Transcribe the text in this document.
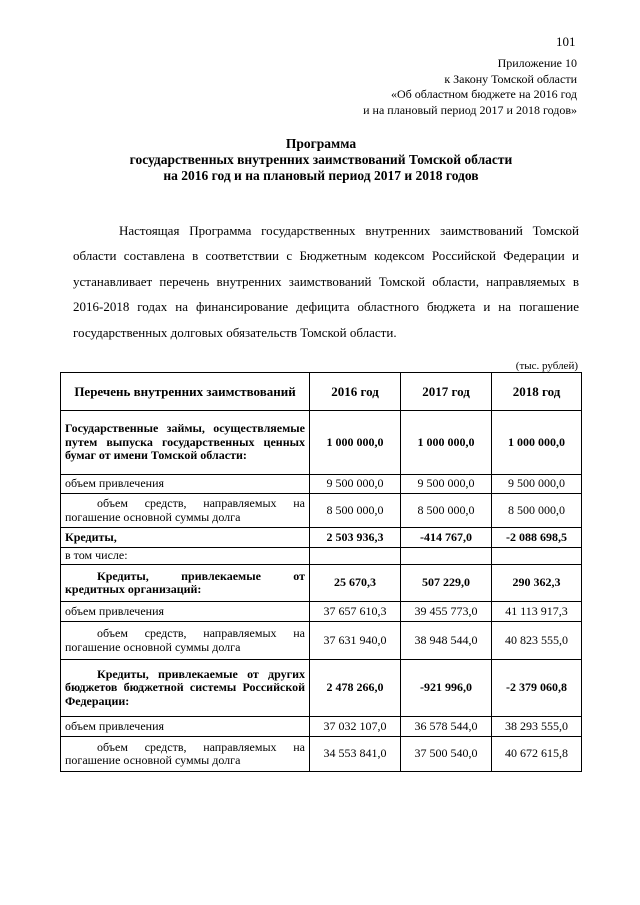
101
Приложение 10
к Закону Томской области
«Об областном бюджете на 2016 год
и на плановый период 2017 и 2018 годов»
Программа
государственных внутренних заимствований Томской области
на 2016 год и на плановый период 2017 и 2018 годов

Настоящая Программа государственных внутренних заимствований Томской области составлена в соответствии с Бюджетным кодексом Российской Федерации и устанавливает перечень внутренних заимствований Томской области, направляемых в 2016-2018 годах на финансирование дефицита областного бюджета и на погашение государственных долговых обязательств Томской области.

(тыс. рублей)
Перечень внутренних заимствований	2016 год	2017 год	2018 год
Государственные займы, осуществляемые путем выпуска государственных ценных бумаг от имени Томской области:	1 000 000,0	1 000 000,0	1 000 000,0
объем привлечения	9 500 000,0	9 500 000,0	9 500 000,0
объем средств, направляемых на погашение основной суммы долга	8 500 000,0	8 500 000,0	8 500 000,0
Кредиты,	2 503 936,3	-414 767,0	-2 088 698,5
в том числе:			
Кредиты, привлекаемые от кредитных организаций:	25 670,3	507 229,0	290 362,3
объем привлечения	37 657 610,3	39 455 773,0	41 113 917,3
объем средств, направляемых на погашение основной суммы долга	37 631 940,0	38 948 544,0	40 823 555,0
Кредиты, привлекаемые от других бюджетов бюджетной системы Российской Федерации:	2 478 266,0	-921 996,0	-2 379 060,8
объем привлечения	37 032 107,0	36 578 544,0	38 293 555,0
объем средств, направляемых на погашение основной суммы долга	34 553 841,0	37 500 540,0	40 672 615,8
